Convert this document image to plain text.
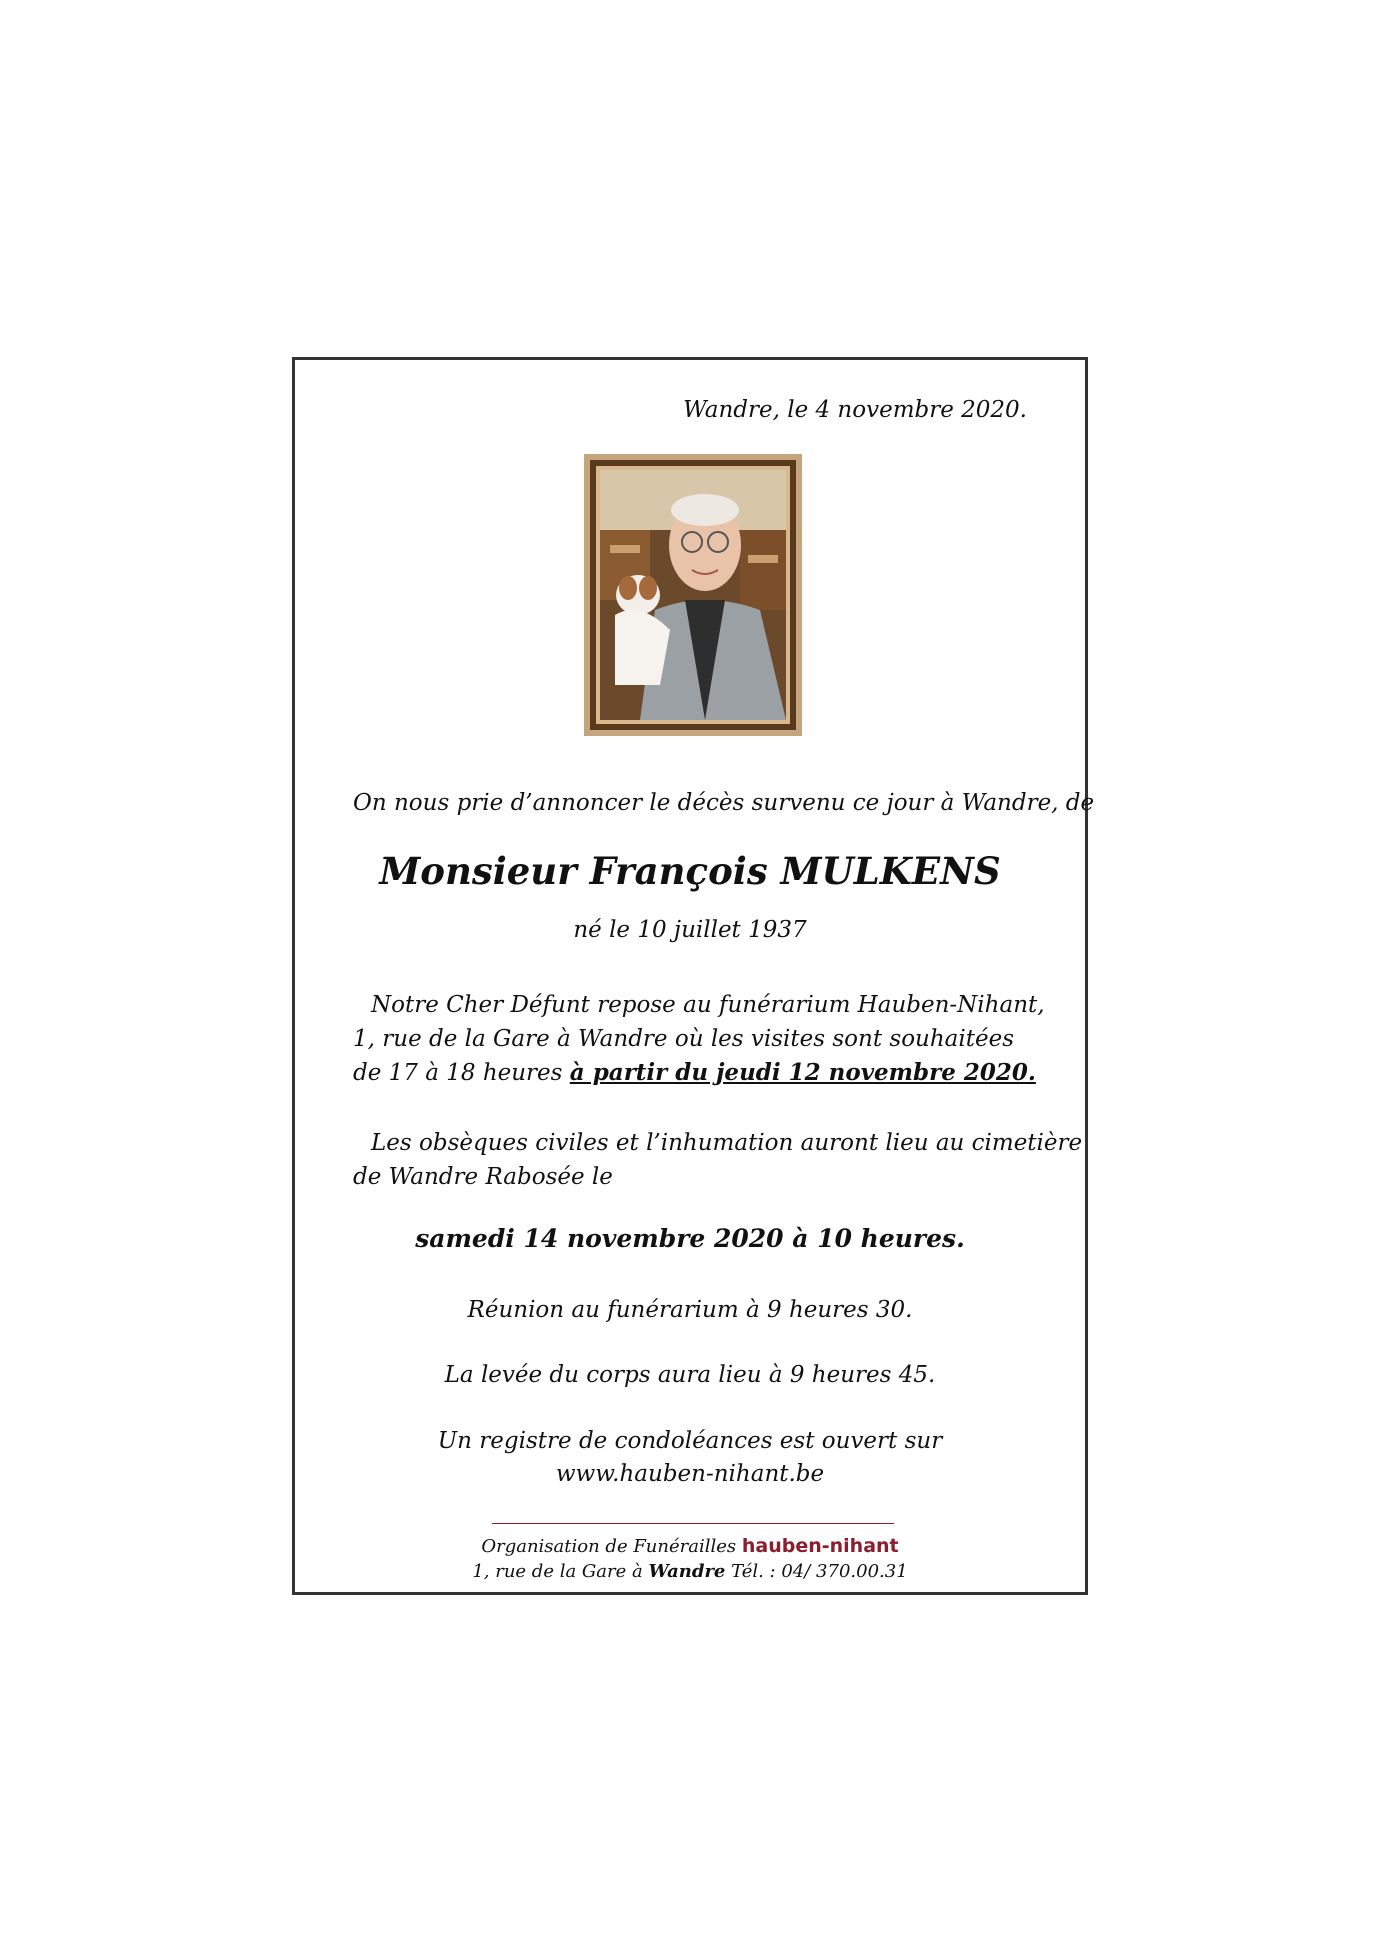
Wandre, le 4 novembre 2020.
On nous prie d’annoncer le décès survenu ce jour à Wandre, de
Monsieur François MULKENS
né le 10 juillet 1937
Notre Cher Défunt repose au funérarium Hauben-Nihant,
1, rue de la Gare à Wandre où les visites sont souhaitées
de 17 à 18 heures à partir du jeudi 12 novembre 2020.
Les obsèques civiles et l’inhumation auront lieu au cimetière
de Wandre Rabosée le
samedi 14 novembre 2020 à 10 heures.
Réunion au funérarium à 9 heures 30.
La levée du corps aura lieu à 9 heures 45.
Un registre de condoléances est ouvert sur
www.hauben-nihant.be
Organisation de Funérailles hauben-nihant
1, rue de la Gare à Wandre Tél. : 04/ 370.00.31
